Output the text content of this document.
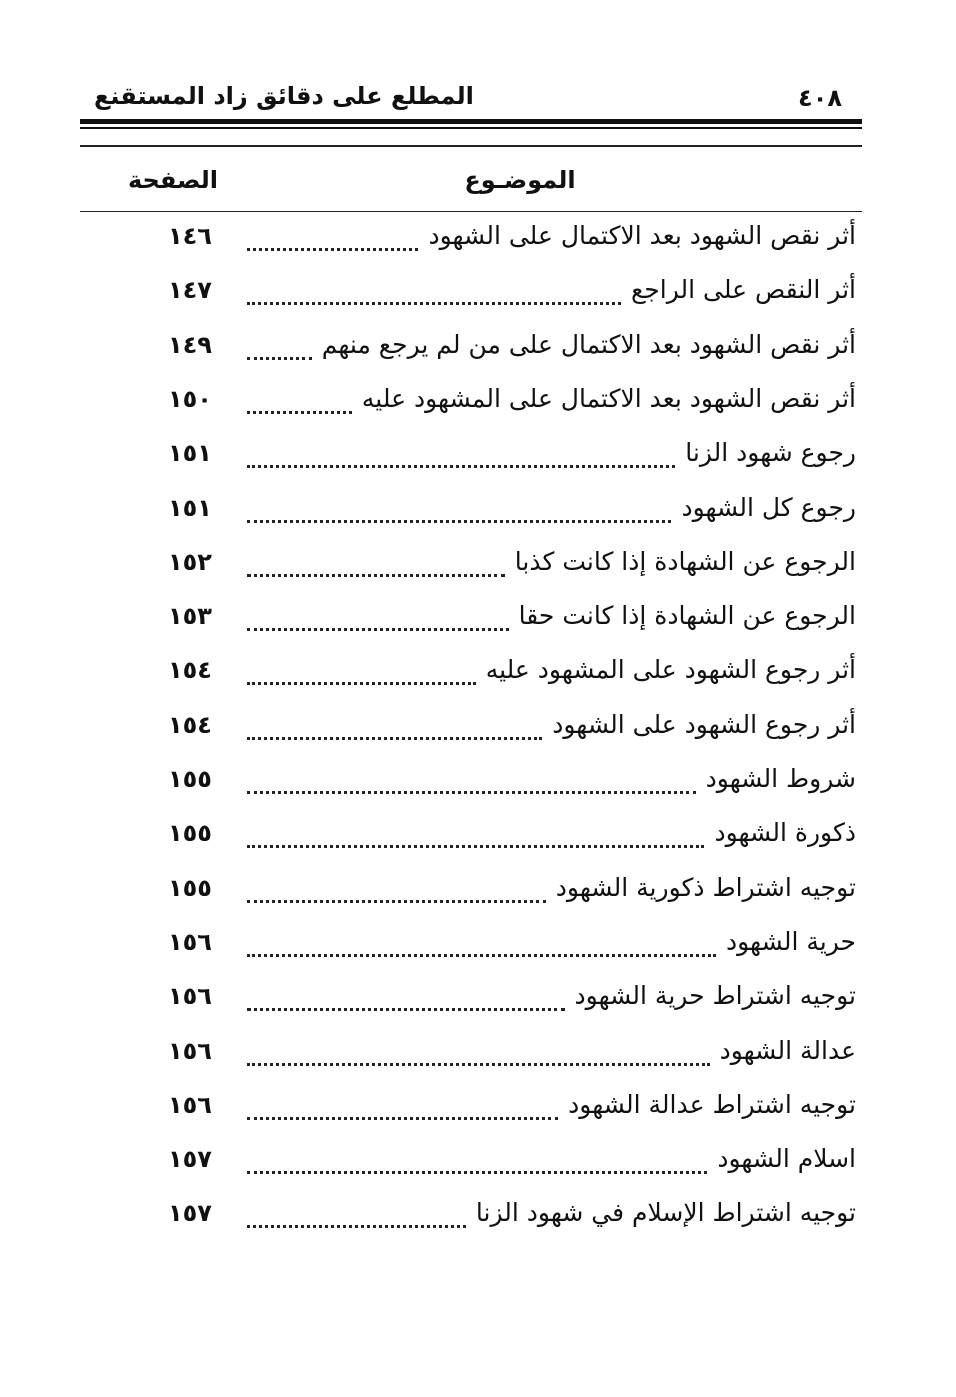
٤٠٨
المطلع على دقائق زاد المستقنع
الموضـوع
الصفحة
أثر نقص الشهود بعد الاكتمال على الشهود
١٤٦
أثر النقص على الراجع
١٤٧
أثر نقص الشهود بعد الاكتمال على من لم يرجع منهم
١٤٩
أثر نقص الشهود بعد الاكتمال على المشهود عليه
١٥٠
رجوع شهود الزنا
١٥١
رجوع كل الشهود
١٥١
الرجوع عن الشهادة إذا كانت كذبا
١٥٢
الرجوع عن الشهادة إذا كانت حقا
١٥٣
أثر رجوع الشهود على المشهود عليه
١٥٤
أثر رجوع الشهود على الشهود
١٥٤
شروط الشهود
١٥٥
ذكورة الشهود
١٥٥
توجيه اشتراط ذكورية الشهود
١٥٥
حرية الشهود
١٥٦
توجيه اشتراط حرية الشهود
١٥٦
عدالة الشهود
١٥٦
توجيه اشتراط عدالة الشهود
١٥٦
اسلام الشهود
١٥٧
توجيه اشتراط الإسلام في شهود الزنا
١٥٧
